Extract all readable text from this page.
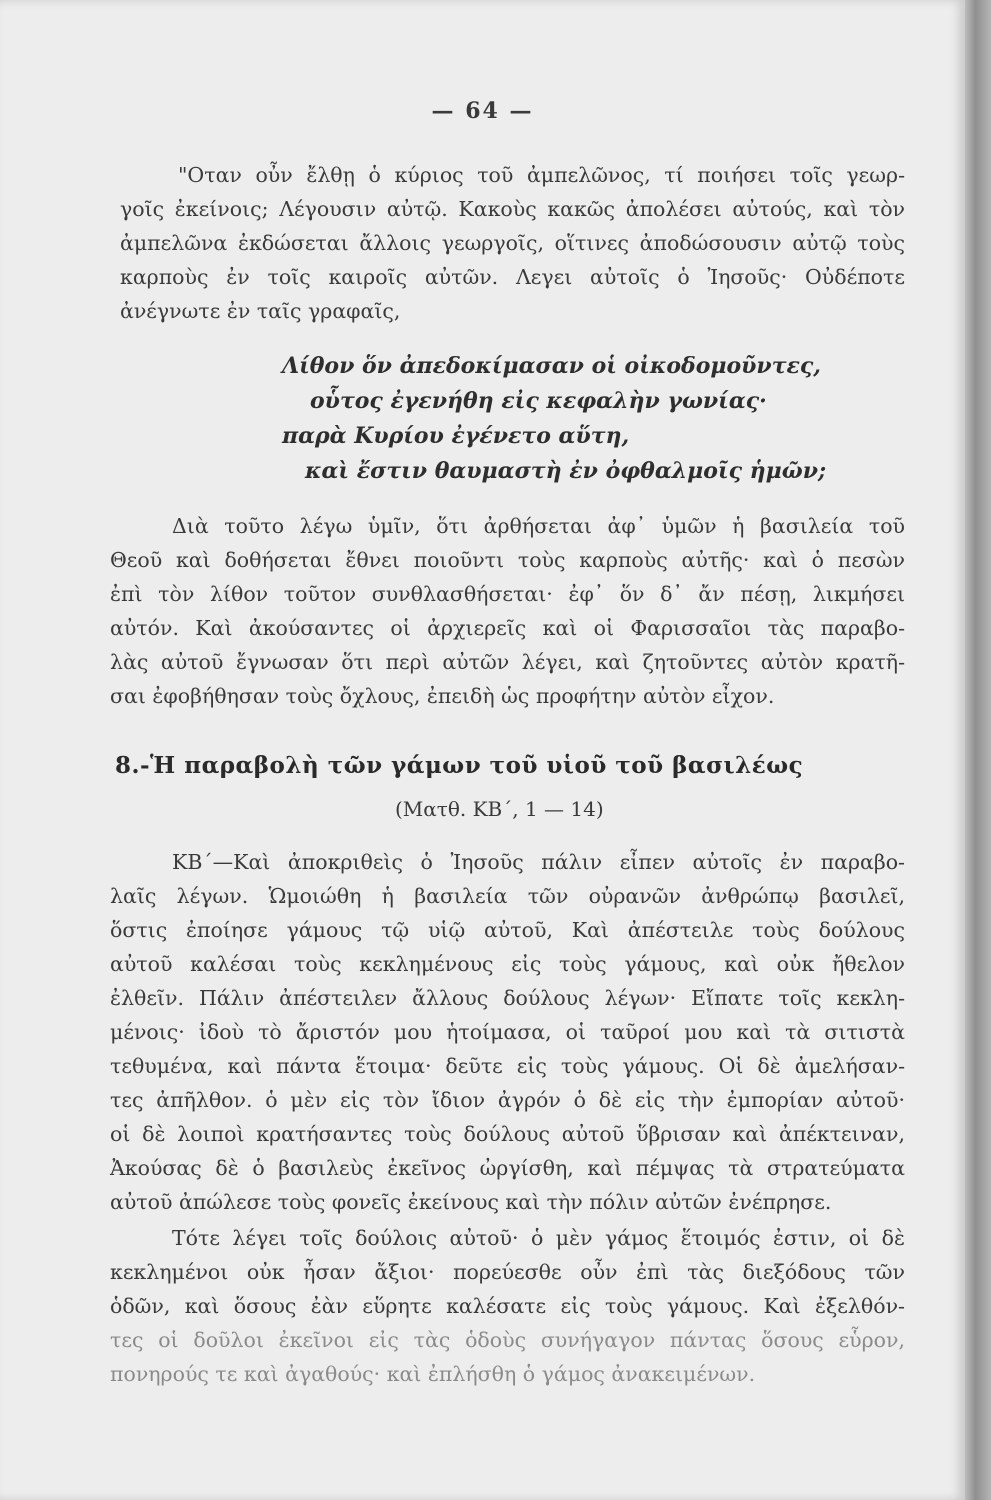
— 64 —
"Οταν οὖν ἔλθῃ ὁ κύριος τοῦ ἀμπελῶνος, τί ποιήσει τοῖς γεωρ-
γοῖς ἐκείνοις; Λέγουσιν αὐτῷ. Κακοὺς κακῶς ἀπολέσει αὐτούς, καὶ τὸν
ἀμπελῶνα ἐκδώσεται ἄλλοις γεωργοῖς, οἵτινες ἀποδώσουσιν αὐτῷ τοὺς
καρποὺς ἐν τοῖς καιροῖς αὐτῶν. Λεγει αὐτοῖς ὁ Ἰησοῦς· Οὐδέποτε
ἀνέγνωτε ἐν ταῖς γραφαῖς,
Λίθον ὅν ἀπεδοκίμασαν οἱ οἰκοδομοῦντες,
οὗτος ἐγενήθη εἰς κεφαλὴν γωνίας·
παρὰ Κυρίου ἐγένετο αὕτη,
καὶ ἔστιν θαυμαστὴ ἐν ὀφθαλμοῖς ἡμῶν;
Διὰ τοῦτο λέγω ὑμῖν, ὅτι ἀρθήσεται ἀφ᾽ ὑμῶν ἡ βασιλεία τοῦ
Θεοῦ καὶ δοθήσεται ἔθνει ποιοῦντι τοὺς καρποὺς αὐτῆς· καὶ ὁ πεσὼν
ἐπὶ τὸν λίθον τοῦτον συνθλασθήσεται· ἐφ᾽ ὅν δ᾽ ἄν πέσῃ, λικμήσει
αὐτόν. Καὶ ἀκούσαντες οἱ ἀρχιερεῖς καὶ οἱ Φαρισσαῖοι τὰς παραβο-
λὰς αὐτοῦ ἔγνωσαν ὅτι περὶ αὐτῶν λέγει, καὶ ζητοῦντες αὐτὸν κρατῆ-
σαι ἐφοβήθησαν τοὺς ὄχλους, ἐπειδὴ ὡς προφήτην αὐτὸν εἶχον.
8.-Ἡ παραβολὴ τῶν γάμων τοῦ υἱοῦ τοῦ βασιλέως
(Ματθ. ΚΒ΄, 1 — 14)
ΚΒ΄—Καὶ ἀποκριθεὶς ὁ Ἰησοῦς πάλιν εἶπεν αὐτοῖς ἐν παραβο-
λαῖς λέγων. Ὡμοιώθη ἡ βασιλεία τῶν οὐρανῶν ἀνθρώπῳ βασιλεῖ,
ὅστις ἐποίησε γάμους τῷ υἱῷ αὐτοῦ, Καὶ ἀπέστειλε τοὺς δούλους
αὐτοῦ καλέσαι τοὺς κεκλημένους εἰς τοὺς γάμους, καὶ οὐκ ἤθελον
ἐλθεῖν. Πάλιν ἀπέστειλεν ἄλλους δούλους λέγων· Εἴπατε τοῖς κεκλη-
μένοις· ἰδοὺ τὸ ἄριστόν μου ἡτοίμασα, οἱ ταῦροί μου καὶ τὰ σιτιστὰ
τεθυμένα, καὶ πάντα ἕτοιμα· δεῦτε εἰς τοὺς γάμους. Οἱ δὲ ἀμελήσαν-
τες ἀπῆλθον. ὁ μὲν εἰς τὸν ἴδιον ἀγρόν ὁ δὲ εἰς τὴν ἐμπορίαν αὐτοῦ·
οἱ δὲ λοιποὶ κρατήσαντες τοὺς δούλους αὐτοῦ ὕβρισαν καὶ ἀπέκτειναν,
Ἀκούσας δὲ ὁ βασιλεὺς ἐκεῖνος ὠργίσθη, καὶ πέμψας τὰ στρατεύματα
αὐτοῦ ἀπώλεσε τοὺς φονεῖς ἐκείνους καὶ τὴν πόλιν αὐτῶν ἐνέπρησε.
Τότε λέγει τοῖς δούλοις αὐτοῦ· ὁ μὲν γάμος ἕτοιμός ἐστιν, οἱ δὲ
κεκλημένοι οὐκ ἦσαν ἄξιοι· πορεύεσθε οὖν ἐπὶ τὰς διεξόδους τῶν
ὁδῶν, καὶ ὅσους ἐὰν εὕρητε καλέσατε εἰς τοὺς γάμους. Καὶ ἐξελθόν-
τες οἱ δοῦλοι ἐκεῖνοι εἰς τὰς ὁδοὺς συνήγαγον πάντας ὅσους εὗρον,
πονηρούς τε καὶ ἀγαθούς· καὶ ἐπλήσθη ὁ γάμος ἀνακειμένων.
